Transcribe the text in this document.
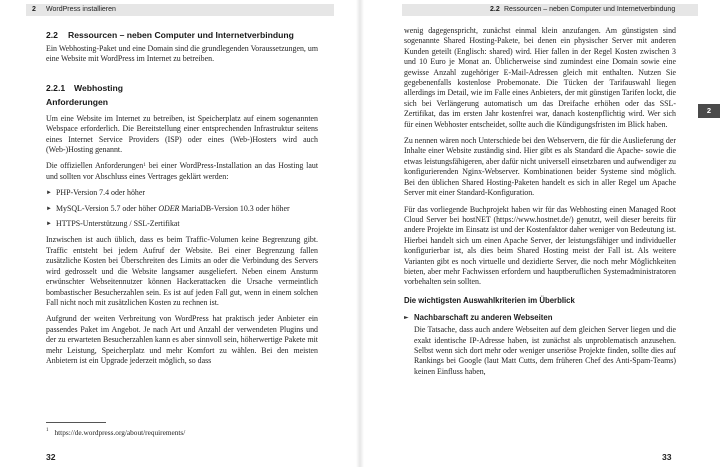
2 WordPress installieren	2.2 Ressourcen – neben Computer und Internetverbindung
2.2	Ressourcen – neben Computer und Internetverbindung

Ein Webhosting-Paket und eine Domain sind die grundlegenden Voraussetzungen, um eine Website mit WordPress im Internet zu betreiben.

2.2.1	Webhosting
Anforderungen

Um eine Website im Internet zu betreiben, ist Speicherplatz auf einem sogenannten Webspace erforderlich. Die Bereitstellung einer entsprechenden Infrastruktur seitens eines Internet Service Providers (ISP) oder eines (Web-)Hosters wird auch (Web-)Hosting genannt.

Die offiziellen Anforderungen$^1$ bei einer WordPress-Installation an das Hosting laut und sollten vor Abschluss eines Vertrages geklärt werden:

► PHP-Version 7.4 oder höher
► MySQL-Version 5.7 oder höher ODER MariaDB-Version 10.3 oder höher
► HTTPS-Unterstützung / SSL-Zertifikat

Inzwischen ist auch üblich, dass es beim Traffic-Volumen keine Begrenzung gibt. Traffic entsteht bei jedem Aufruf der Website. Bei einer Begrenzung fallen zusätzliche Kosten bei Überschreiten des Limits an oder die Verbindung des Servers wird gedrosselt und die Website langsamer ausgeliefert. Neben einem Ansturm erwünschter Webseitennutzer können Hackerattacken die Ursache vermeintlich bombastischer Besucherzahlen sein. Es ist auf jeden Fall gut, wenn in einem solchen Fall nicht noch mit zusätzlichen Kosten zu rechnen ist.

Aufgrund der weiten Verbreitung von WordPress hat praktisch jeder Anbieter ein passendes Paket im Angebot. Je nach Art und Anzahl der verwendeten Plugins und der zu erwarteten Besucherzahlen kann es aber sinnvoll sein, höherwertige Pakete mit mehr Leistung, Speicherplatz und mehr Komfort zu wählen. Bei den meisten Anbietern ist ein Upgrade jederzeit möglich, so dass

$^1$ https://de.wordpress.org/about/requirements/
32

wenig dagegenspricht, zunächst einmal klein anzufangen. Am günstigsten sind sogenannte Shared Hosting-Pakete, bei denen ein physischer Server mit anderen Kunden geteilt (Englisch: shared) wird. Hier fallen in der Regel Kosten zwischen 3 und 10 Euro je Monat an. Üblicherweise sind zumindest eine Domain sowie eine gewisse Anzahl zugehöriger E-Mail-Adressen gleich mit enthalten. Nutzen Sie gegebenenfalls kostenlose Probemonate. Die Tücken der Tarifauswahl liegen allerdings im Detail, wie im Falle eines Anbieters, der mit günstigen Tarifen lockt, die sich bei Verlängerung automatisch um das Dreifache erhöhen oder das SSL-Zertifikat, das im ersten Jahr kostenfrei war, danach kostenpflichtig wird. Wer sich für einen Webhoster entscheidet, sollte auch die Kündigungsfristen im Blick haben.

Zu nennen wären noch Unterschiede bei den Webservern, die für die Auslieferung der Inhalte einer Website zuständig sind. Hier gibt es als Standard die Apache- sowie die etwas leistungsfähigeren, aber dafür nicht universell einsetzbaren und aufwendiger zu konfigurierenden Nginx-Webserver. Kombinationen beider Systeme sind möglich. Bei den üblichen Shared Hosting-Paketen handelt es sich in aller Regel um Apache Server mit einer Standard-Konfiguration.

Für das vorliegende Buchprojekt haben wir für das Webhosting einen Managed Root Cloud Server bei hostNET (https://www.hostnet.de/) genutzt, weil dieser bereits für andere Projekte im Einsatz ist und der Kostenfaktor daher weniger von Bedeutung ist. Hierbei handelt sich um einen Apache Server, der leistungsfähiger und individueller konfigurierbar ist, als dies beim Shared Hosting meist der Fall ist. Als weitere Varianten gibt es noch virtuelle und dezidierte Server, die noch mehr Möglichkeiten bieten, aber mehr Fachwissen erfordern und hauptberuflichen Systemadministratoren vorbehalten sein sollten.

Die wichtigsten Auswahlkriterien im Überblick
► Nachbarschaft zu anderen Webseiten

Die Tatsache, dass auch andere Webseiten auf dem gleichen Server liegen und die exakt identische IP-Adresse haben, ist zunächst als unproblematisch anzusehen. Selbst wenn sich dort mehr oder weniger unseriöse Projekte finden, sollte dies auf Rankings bei Google (laut Matt Cutts, dem früheren Chef des Anti-Spam-Teams) keinen Einfluss haben,

2
33
